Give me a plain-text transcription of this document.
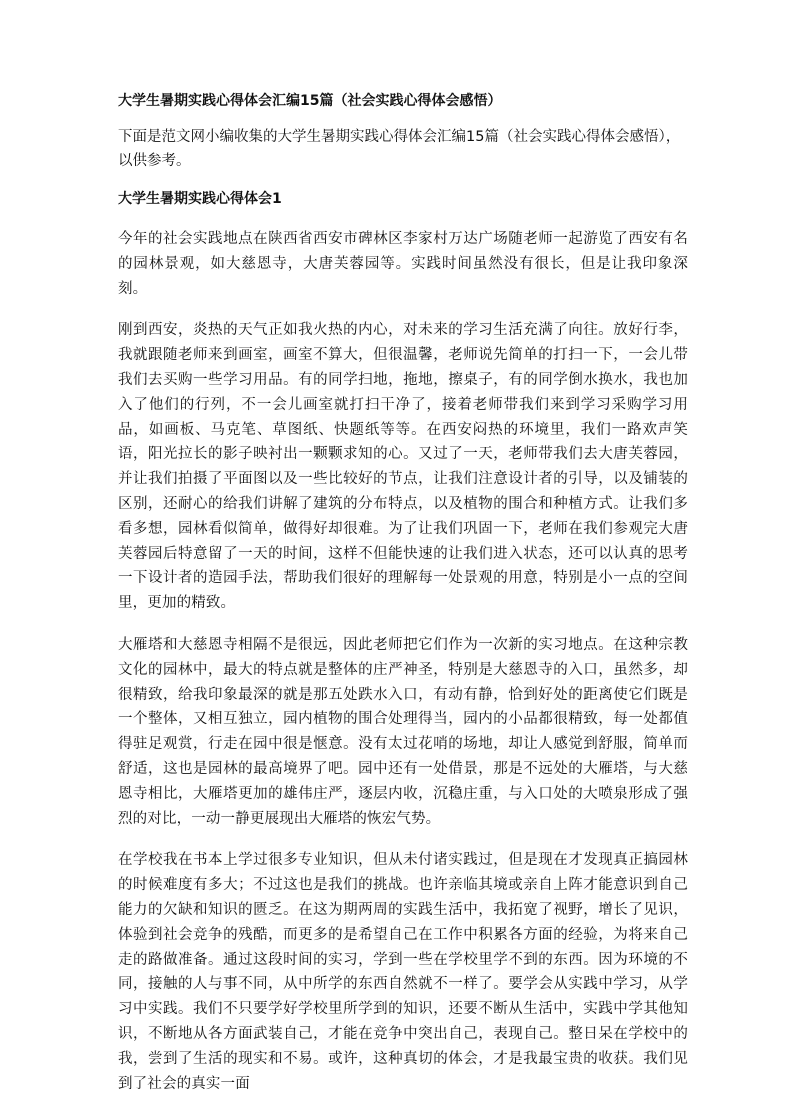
大学生暑期实践心得体会汇编15篇（社会实践心得体会感悟）
下面是范文网小编收集的大学生暑期实践心得体会汇编15篇（社会实践心得体会感悟），以供参考。
大学生暑期实践心得体会1

今年的社会实践地点在陕西省西安市碑林区李家村万达广场随老师一起游览了西安有名的园林景观，如大慈恩寺，大唐芙蓉园等。实践时间虽然没有很长，但是让我印象深刻。

刚到西安，炎热的天气正如我火热的内心，对未来的学习生活充满了向往。放好行李，我就跟随老师来到画室，画室不算大，但很温馨，老师说先简单的打扫一下，一会儿带我们去买购一些学习用品。有的同学扫地，拖地，擦桌子，有的同学倒水换水，我也加入了他们的行列，不一会儿画室就打扫干净了，接着老师带我们来到学习采购学习用品，如画板、马克笔、草图纸、快题纸等等。在西安闷热的环境里，我们一路欢声笑语，阳光拉长的影子映衬出一颗颗求知的心。又过了一天，老师带我们去大唐芙蓉园，并让我们拍摄了平面图以及一些比较好的节点，让我们注意设计者的引导，以及铺装的区别，还耐心的给我们讲解了建筑的分布特点，以及植物的围合和种植方式。让我们多看多想，园林看似简单，做得好却很难。为了让我们巩固一下，老师在我们参观完大唐芙蓉园后特意留了一天的时间，这样不但能快速的让我们进入状态，还可以认真的思考一下设计者的造园手法，帮助我们很好的理解每一处景观的用意，特别是小一点的空间里，更加的精致。

大雁塔和大慈恩寺相隔不是很远，因此老师把它们作为一次新的实习地点。在这种宗教文化的园林中，最大的特点就是整体的庄严神圣，特别是大慈恩寺的入口，虽然多，却很精致，给我印象最深的就是那五处跌水入口，有动有静，恰到好处的距离使它们既是一个整体，又相互独立，园内植物的围合处理得当，园内的小品都很精致，每一处都值得驻足观赏，行走在园中很是惬意。没有太过花哨的场地，却让人感觉到舒服，简单而舒适，这也是园林的最高境界了吧。园中还有一处借景，那是不远处的大雁塔，与大慈恩寺相比，大雁塔更加的雄伟庄严，逐层内收，沉稳庄重，与入口处的大喷泉形成了强烈的对比，一动一静更展现出大雁塔的恢宏气势。

在学校我在书本上学过很多专业知识，但从未付诸实践过，但是现在才发现真正搞园林的时候难度有多大；不过这也是我们的挑战。也许亲临其境或亲自上阵才能意识到自己能力的欠缺和知识的匮乏。在这为期两周的实践生活中，我拓宽了视野，增长了见识，体验到社会竞争的残酷，而更多的是希望自己在工作中积累各方面的经验，为将来自己走的路做准备。通过这段时间的实习，学到一些在学校里学不到的东西。因为环境的不同，接触的人与事不同，从中所学的东西自然就不一样了。要学会从实践中学习，从学习中实践。我们不只要学好学校里所学到的知识，还要不断从生活中，实践中学其他知识，不断地从各方面武装自己，才能在竞争中突出自己，表现自己。整日呆在学校中的我，尝到了生活的现实和不易。或许，这种真切的体会，才是我最宝贵的收获。我们见到了社会的真实一面
